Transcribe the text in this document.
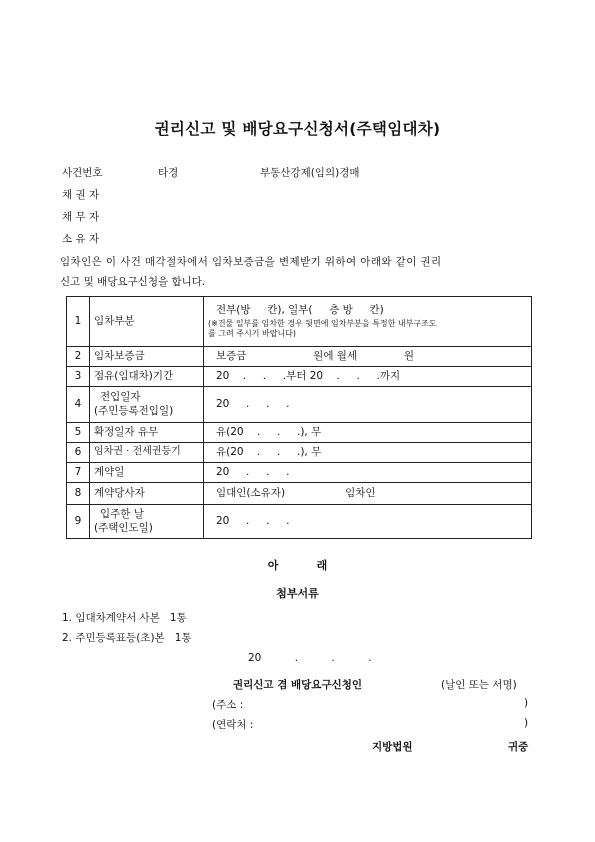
권리신고 및 배당요구신청서(주택임대차)
사건번호	타경	부동산강제(임의)경매
채 권 자
채 무 자
소 유 자
임차인은 이 사건 매각절차에서 임차보증금을 변제받기 위하여 아래와 같이 권리
신고 및 배당요구신청을 합니다.
1	임차부분	전부(방     칸), 일부(     층 방     칸)
(※건물 일부를 임차한 경우 뒷면에 임차부분을 특정한 내부구조도
를 그려 주시기 바랍니다)

2	임차보증금	보증금                    원에 월세              원
3	점유(임대차)기간	20    .     .     .부터 20    .     .     .까지
4	전입일자
(주민등록전입일)	20     .     .     .
5	확정일자 유무	유(20    .     .     .), 무
6	임차권 · 전세권등기	유(20    .     .     .), 무
7	계약일	20     .     .     .
8	계약당사자	임대인(소유자)                  임차인
9	입주한 날
(주택인도일)	20     .     .     .
아          래
첨부서류
1. 임대차계약서 사본   1통
2. 주민등록표등(초)본   1통
20          .          .          .
권리신고 겸 배당요구신청인	(날인 또는 서명)
(주소 :	)
(연락처 :	)
지방법원	귀중
